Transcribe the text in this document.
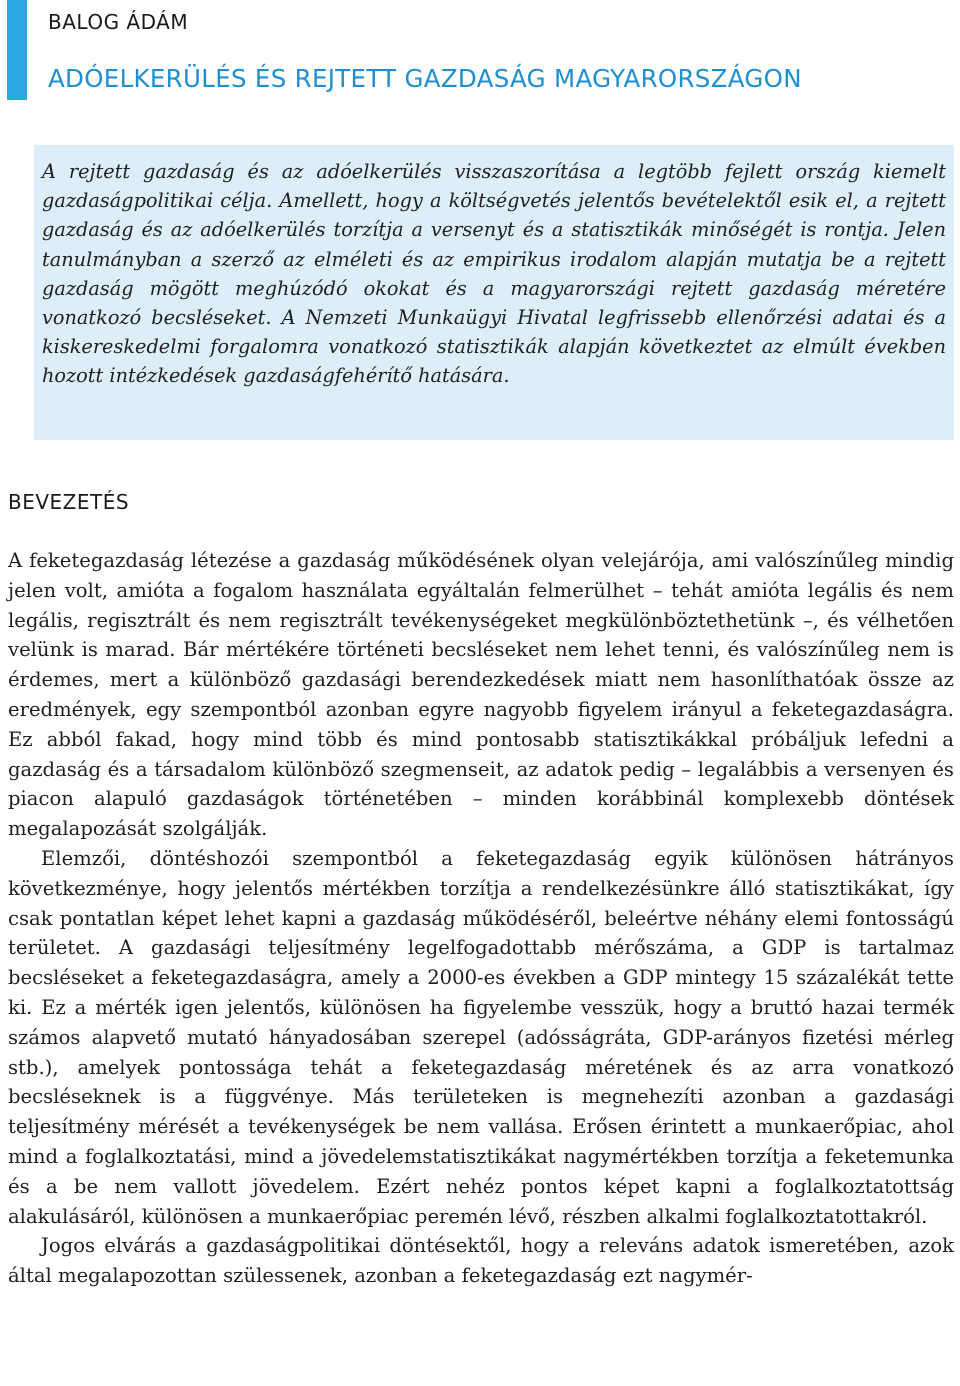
BALOG ÁDÁM
ADÓELKERÜLÉS ÉS REJTETT GAZDASÁG MAGYARORSZÁGON

A rejtett gazdaság és az adóelkerülés visszaszorítása a legtöbb fejlett ország kiemelt gazdaságpolitikai célja. Amellett, hogy a költségvetés jelentős bevételektől esik el, a rejtett gazdaság és az adóelkerülés torzítja a versenyt és a statisztikák minőségét is rontja. Jelen tanulmányban a szerző az elméleti és az empirikus irodalom alapján mutatja be a rejtett gazdaság mögött meghúzódó okokat és a magyarországi rejtett gazdaság méretére vonatkozó becsléseket. A Nemzeti Munkaügyi Hivatal legfrissebb ellenőrzési adatai és a kiskereskedelmi forgalomra vonatkozó statisztikák alapján következtet az elmúlt években hozott intézkedések gazdaságfehérítő hatására.

BEVEZETÉS

A feketegazdaság létezése a gazdaság működésének olyan velejárója, ami valószínűleg mindig jelen volt, amióta a fogalom használata egyáltalán felmerülhet – tehát amióta legális és nem legális, regisztrált és nem regisztrált tevékenységeket megkülönböztethetünk –, és vélhetően velünk is marad. Bár mértékére történeti becsléseket nem lehet tenni, és valószínűleg nem is érdemes, mert a különböző gazdasági berendezkedések miatt nem hasonlíthatóak össze az eredmények, egy szempontból azonban egyre nagyobb figyelem irányul a feketegazdaságra. Ez abból fakad, hogy mind több és mind pontosabb statisztikákkal próbáljuk lefedni a gazdaság és a társadalom különböző szegmenseit, az adatok pedig – legalábbis a versenyen és piacon alapuló gazdaságok történetében – minden korábbinál komplexebb döntések megalapozását szolgálják.

Elemzői, döntéshozói szempontból a feketegazdaság egyik különösen hátrányos következménye, hogy jelentős mértékben torzítja a rendelkezésünkre álló statisztikákat, így csak pontatlan képet lehet kapni a gazdaság működéséről, beleértve néhány elemi fontosságú területet. A gazdasági teljesítmény legelfogadottabb mérőszáma, a GDP is tartalmaz becsléseket a feketegazdaságra, amely a 2000-es években a GDP mintegy 15 százalékát tette ki. Ez a mérték igen jelentős, különösen ha figyelembe vesszük, hogy a bruttó hazai termék számos alapvető mutató hányadosában szerepel (adósságráta, GDP-arányos fizetési mérleg stb.), amelyek pontossága tehát a feketegazdaság méretének és az arra vonatkozó becsléseknek is a függvénye. Más területeken is megnehezíti azonban a gazdasági teljesítmény mérését a tevékenységek be nem vallása. Erősen érintett a munkaerőpiac, ahol mind a foglalkoztatási, mind a jövedelemstatisztikákat nagymértékben torzítja a feketemunka és a be nem vallott jövedelem. Ezért nehéz pontos képet kapni a foglalkoztatottság alakulásáról, különösen a munkaerőpiac peremén lévő, részben alkalmi foglalkoztatottakról.

Jogos elvárás a gazdaságpolitikai döntésektől, hogy a releváns adatok ismeretében, azok által megalapozottan szülessenek, azonban a feketegazdaság ezt nagymér-
